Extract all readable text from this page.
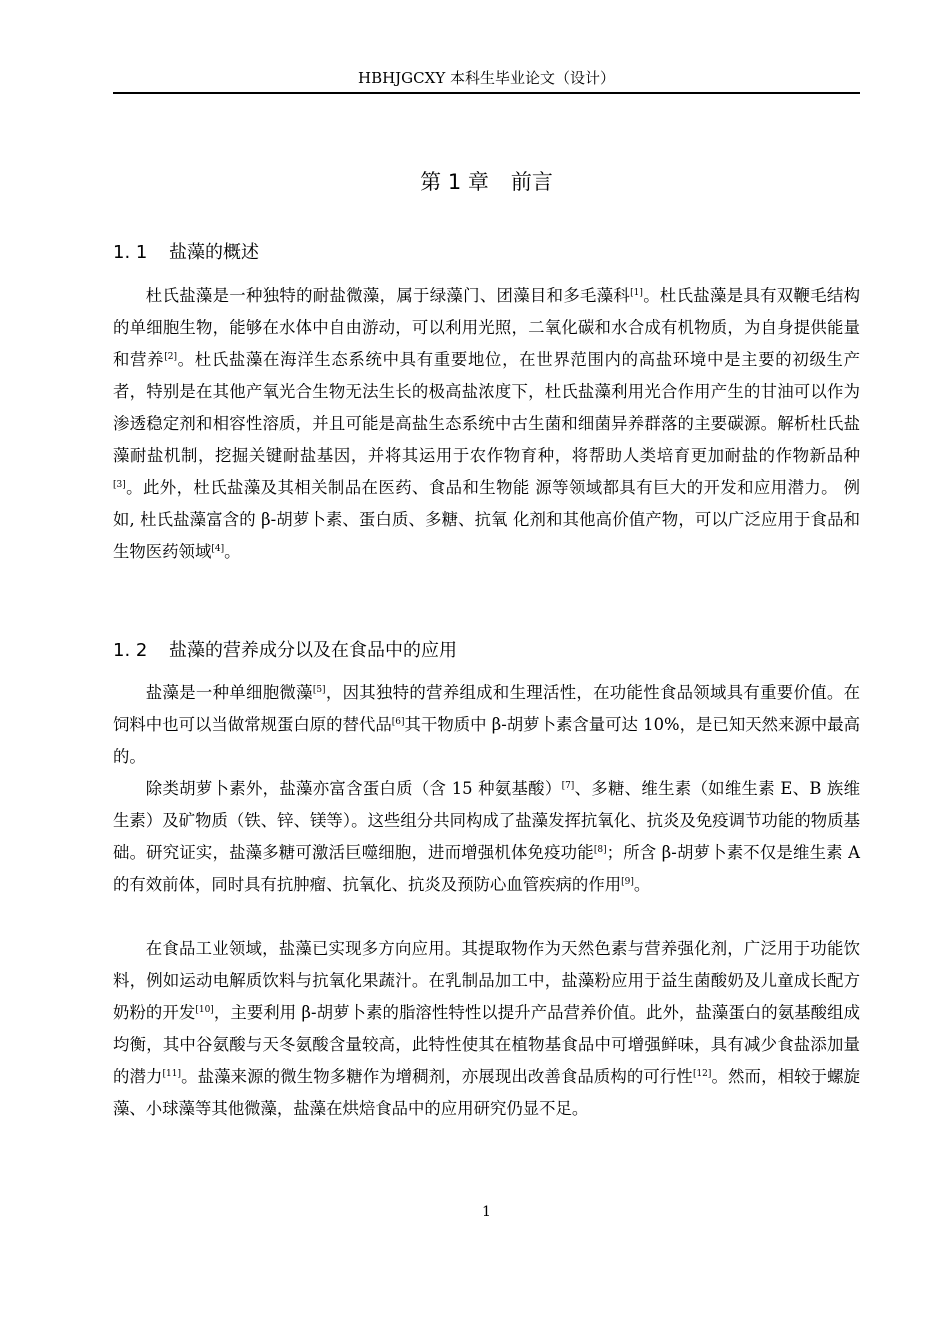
HBHJGCXY 本科生毕业论文（设计）
第 1 章 前言
1. 1 盐藻的概述

杜氏盐藻是一种独特的耐盐微藻，属于绿藻门、团藻目和多毛藻科[1]。杜氏盐藻是具有双鞭毛结构的单细胞生物，能够在水体中自由游动，可以利用光照，二氧化碳和水合成有机物质，为自身提供能量和营养[2]。杜氏盐藻在海洋生态系统中具有重要地位，在世界范围内的高盐环境中是主要的初级生产者，特别是在其他产氧光合生物无法生长的极高盐浓度下，杜氏盐藻利用光合作用产生的甘油可以作为渗透稳定剂和相容性溶质，并且可能是高盐生态系统中古生菌和细菌异养群落的主要碳源。解析杜氏盐藻耐盐机制，挖掘关键耐盐基因，并将其运用于农作物育种，将帮助人类培育更加耐盐的作物新品种[3]。此外，杜氏盐藻及其相关制品在医药、食品和生物能 源等领域都具有巨大的开发和应用潜力。 例如, 杜氏盐藻富含的 β-胡萝卜素、蛋白质、多糖、抗氧 化剂和其他高价值产物，可以广泛应用于食品和 生物医药领域[4]。

1. 2 盐藻的营养成分以及在食品中的应用

盐藻是一种单细胞微藻[5]，因其独特的营养组成和生理活性，在功能性食品领域具有重要价值。在饲料中也可以当做常规蛋白原的替代品[6]其干物质中 β-胡萝卜素含量可达 10%，是已知天然来源中最高的。

除类胡萝卜素外，盐藻亦富含蛋白质（含 15 种氨基酸）[7]、多糖、维生素（如维生素 E、B 族维生素）及矿物质（铁、锌、镁等）。这些组分共同构成了盐藻发挥抗氧化、抗炎及免疫调节功能的物质基础。研究证实，盐藻多糖可激活巨噬细胞，进而增强机体免疫功能[8]；所含 β-胡萝卜素不仅是维生素 A 的有效前体，同时具有抗肿瘤、抗氧化、抗炎及预防心血管疾病的作用[9]。

在食品工业领域，盐藻已实现多方向应用。其提取物作为天然色素与营养强化剂，广泛用于功能饮料，例如运动电解质饮料与抗氧化果蔬汁。在乳制品加工中，盐藻粉应用于益生菌酸奶及儿童成长配方奶粉的开发[10]，主要利用 β-胡萝卜素的脂溶性特性以提升产品营养价值。此外，盐藻蛋白的氨基酸组成均衡，其中谷氨酸与天冬氨酸含量较高，此特性使其在植物基食品中可增强鲜味，具有减少食盐添加量的潜力[11]。盐藻来源的微生物多糖作为增稠剂，亦展现出改善食品质构的可行性[12]。然而，相较于螺旋藻、小球藻等其他微藻，盐藻在烘焙食品中的应用研究仍显不足。

1
